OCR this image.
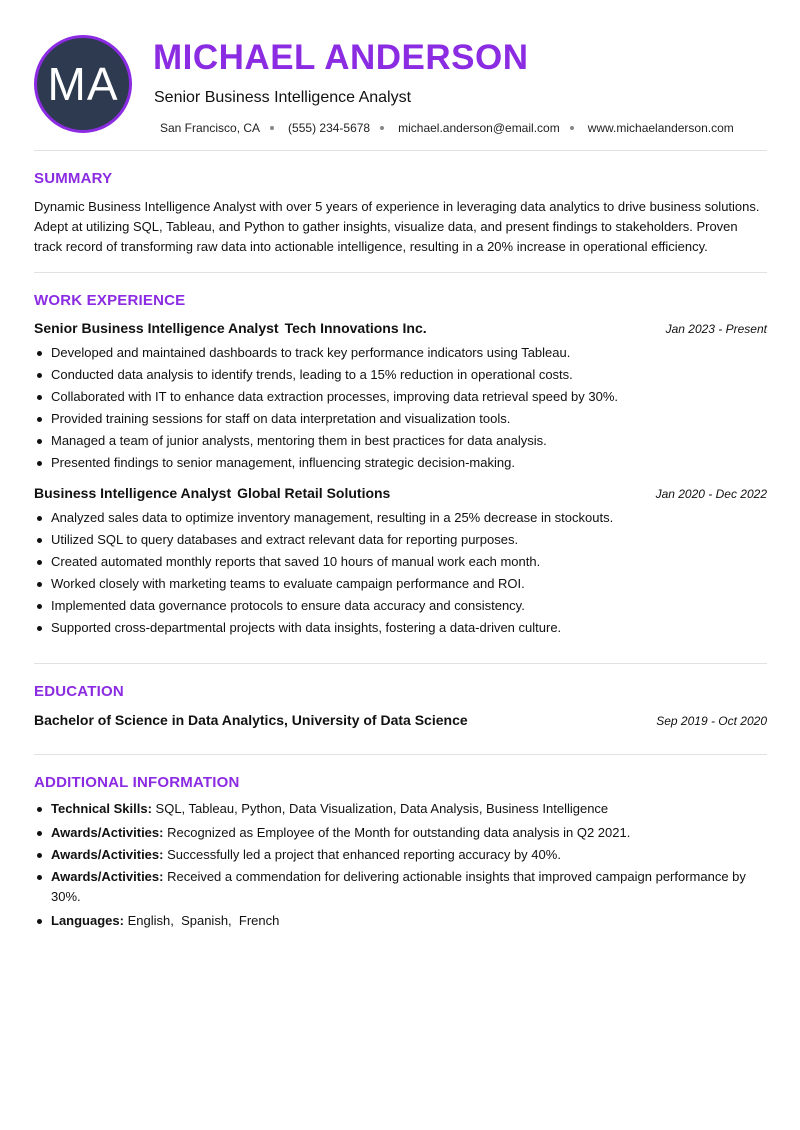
MA
MICHAEL ANDERSON
Senior Business Intelligence Analyst
San Francisco, CA (555) 234-5678 michael.anderson@email.com www.michaelanderson.com
SUMMARY

Dynamic Business Intelligence Analyst with over 5 years of experience in leveraging data analytics to drive business solutions. Adept at utilizing SQL, Tableau, and Python to gather insights, visualize data, and present findings to stakeholders. Proven track record of transforming raw data into actionable intelligence, resulting in a 20% increase in operational efficiency.

WORK EXPERIENCE
Senior Business Intelligence Analyst Tech Innovations Inc.	Jan 2023 - Present
Developed and maintained dashboards to track key performance indicators using Tableau.
Conducted data analysis to identify trends, leading to a 15% reduction in operational costs.
Collaborated with IT to enhance data extraction processes, improving data retrieval speed by 30%.
Provided training sessions for staff on data interpretation and visualization tools.
Managed a team of junior analysts, mentoring them in best practices for data analysis.
Presented findings to senior management, influencing strategic decision-making.
Business Intelligence Analyst Global Retail Solutions	Jan 2020 - Dec 2022
Analyzed sales data to optimize inventory management, resulting in a 25% decrease in stockouts.
Utilized SQL to query databases and extract relevant data for reporting purposes.
Created automated monthly reports that saved 10 hours of manual work each month.
Worked closely with marketing teams to evaluate campaign performance and ROI.
Implemented data governance protocols to ensure data accuracy and consistency.
Supported cross-departmental projects with data insights, fostering a data-driven culture.
EDUCATION
Bachelor of Science in Data Analytics, University of Data Science	Sep 2019 - Oct 2020
ADDITIONAL INFORMATION
Technical Skills: SQL, Tableau, Python, Data Visualization, Data Analysis, Business Intelligence
Awards/Activities: Recognized as Employee of the Month for outstanding data analysis in Q2 2021.
Awards/Activities: Successfully led a project that enhanced reporting accuracy by 40%.
Awards/Activities: Received a commendation for delivering actionable insights that improved campaign performance by 30%.
Languages: English,  Spanish,  French
